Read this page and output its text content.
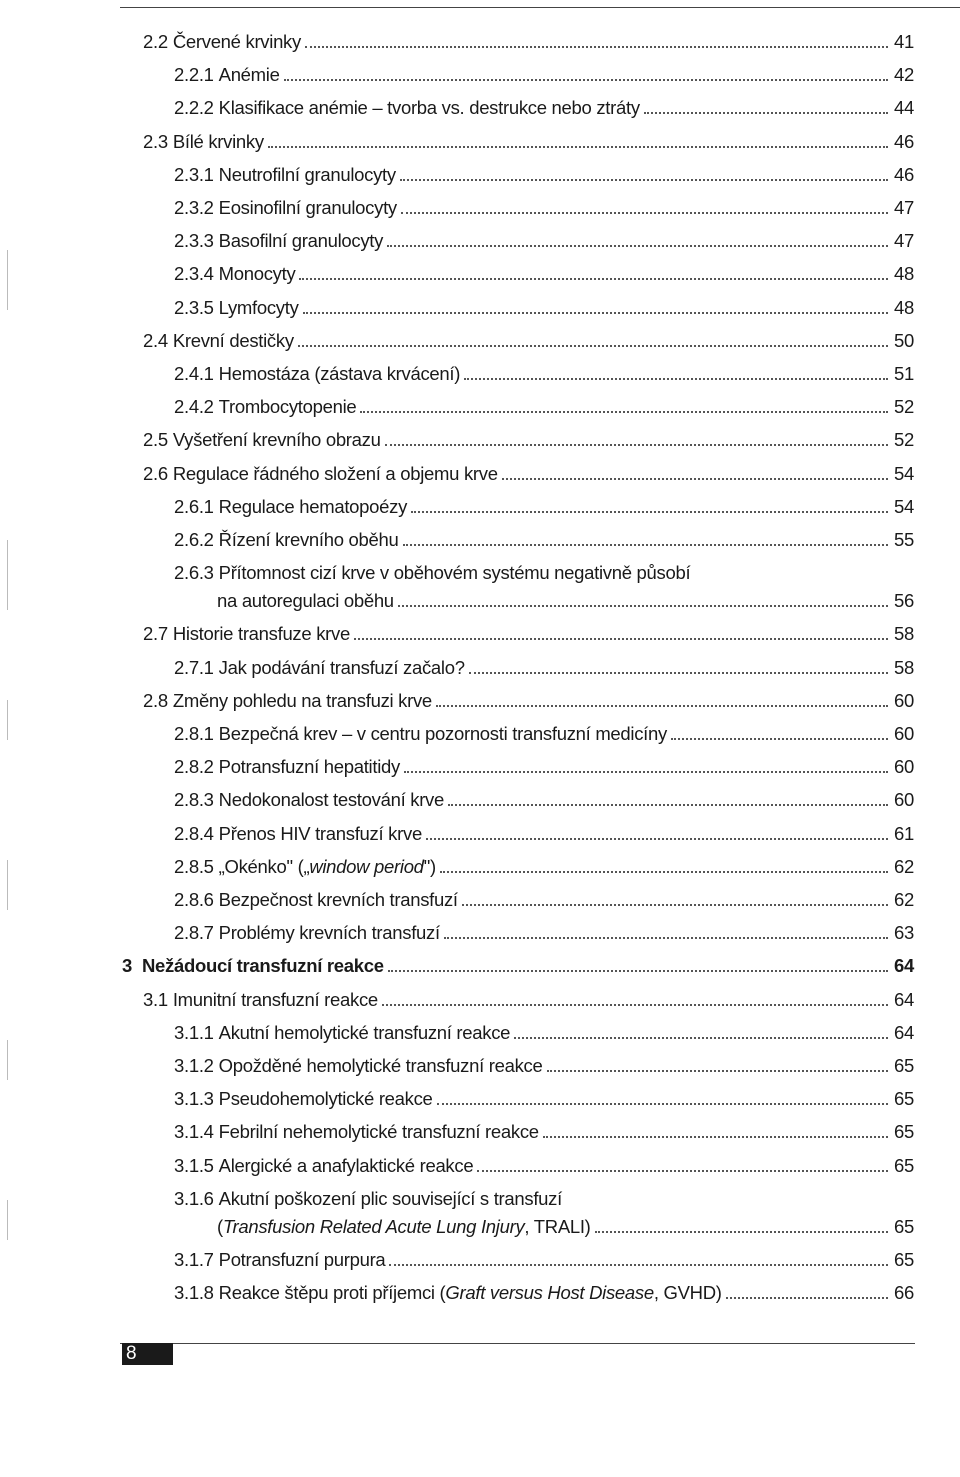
2.2 Červené krvinky	41
2.2.1 Anémie	42
2.2.2 Klasifikace anémie – tvorba vs. destrukce nebo ztráty	44
2.3 Bílé krvinky	46
2.3.1 Neutrofilní granulocyty	46
2.3.2 Eosinofilní granulocyty	47
2.3.3 Basofilní granulocyty	47
2.3.4 Monocyty	48
2.3.5 Lymfocyty	48
2.4 Krevní destičky	50
2.4.1 Hemostáza (zástava krvácení)	51
2.4.2 Trombocytopenie	52
2.5 Vyšetření krevního obrazu	52
2.6 Regulace řádného složení a objemu krve	54
2.6.1 Regulace hematopoézy	54
2.6.2 Řízení krevního oběhu	55
2.6.3 Přítomnost cizí krve v oběhovém systému negativně působí
na autoregulaci oběhu	56
2.7 Historie transfuze krve	58
2.7.1 Jak podávání transfuzí začalo?	58
2.8 Změny pohledu na transfuzi krve	60
2.8.1 Bezpečná krev – v centru pozornosti transfuzní medicíny	60
2.8.2 Potransfuzní hepatitidy	60
2.8.3 Nedokonalost testování krve	60
2.8.4 Přenos HIV transfuzí krve	61
2.8.5 „Okénko" („window period")	62
2.8.6 Bezpečnost krevních transfuzí	62
2.8.7 Problémy krevních transfuzí	63
3 Nežádoucí transfuzní reakce	64
3.1 Imunitní transfuzní reakce	64
3.1.1 Akutní hemolytické transfuzní reakce	64
3.1.2 Opožděné hemolytické transfuzní reakce	65
3.1.3 Pseudohemolytické reakce	65
3.1.4 Febrilní nehemolytické transfuzní reakce	65
3.1.5 Alergické a anafylaktické reakce	65
3.1.6 Akutní poškození plic související s transfuzí
(Transfusion Related Acute Lung Injury, TRALI)	65
3.1.7 Potransfuzní purpura	65
3.1.8 Reakce štěpu proti příjemci (Graft versus Host Disease, GVHD)	66
8
